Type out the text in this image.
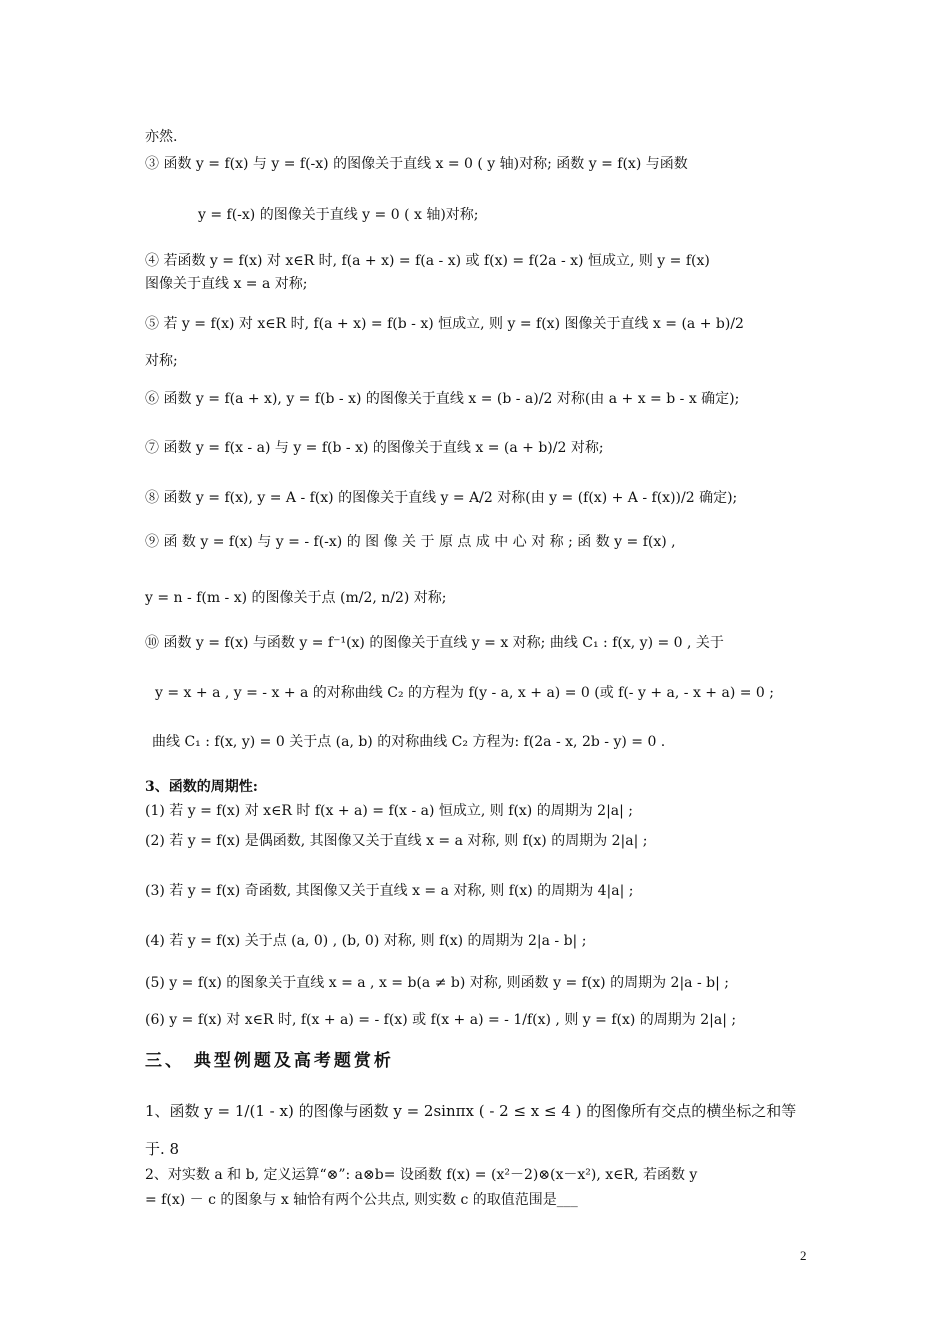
亦然.
③ 函数 y = f(x) 与 y = f(-x) 的图像关于直线 x = 0 ( y 轴)对称; 函数 y = f(x) 与函数
y = f(-x) 的图像关于直线 y = 0 ( x 轴)对称;
④ 若函数 y = f(x) 对 x∈R 时, f(a + x) = f(a - x) 或 f(x) = f(2a - x) 恒成立, 则 y = f(x)
图像关于直线 x = a 对称;
⑤ 若 y = f(x) 对 x∈R 时, f(a + x) = f(b - x) 恒成立, 则 y = f(x) 图像关于直线 x = (a + b)/2
对称;
⑥ 函数 y = f(a + x), y = f(b - x) 的图像关于直线 x = (b - a)/2 对称(由 a + x = b - x 确定);
⑦ 函数 y = f(x - a) 与 y = f(b - x) 的图像关于直线 x = (a + b)/2 对称;
⑧ 函数 y = f(x), y = A - f(x) 的图像关于直线 y = A/2 对称(由 y = (f(x) + A - f(x))/2 确定);
⑨ 函 数 y = f(x) 与 y = - f(-x) 的 图 像 关 于 原 点 成 中 心 对 称 ; 函 数 y = f(x) ,
y = n - f(m - x) 的图像关于点 (m/2, n/2) 对称;
⑩ 函数 y = f(x) 与函数 y = f⁻¹(x) 的图像关于直线 y = x 对称; 曲线 C₁ : f(x, y) = 0 , 关于
y = x + a , y = - x + a 的对称曲线 C₂ 的方程为 f(y - a, x + a) = 0 (或 f(- y + a, - x + a) = 0 ;
曲线 C₁ : f(x, y) = 0 关于点 (a, b) 的对称曲线 C₂ 方程为: f(2a - x, 2b - y) = 0 .
3、函数的周期性:
(1) 若 y = f(x) 对 x∈R 时 f(x + a) = f(x - a) 恒成立, 则 f(x) 的周期为 2|a| ;
(2) 若 y = f(x) 是偶函数, 其图像又关于直线 x = a 对称, 则 f(x) 的周期为 2|a| ;
(3) 若 y = f(x) 奇函数, 其图像又关于直线 x = a 对称, 则 f(x) 的周期为 4|a| ;
(4) 若 y = f(x) 关于点 (a, 0) , (b, 0) 对称, 则 f(x) 的周期为 2|a - b| ;
(5) y = f(x) 的图象关于直线 x = a , x = b(a ≠ b) 对称, 则函数 y = f(x) 的周期为 2|a - b| ;
(6) y = f(x) 对 x∈R 时, f(x + a) = - f(x) 或 f(x + a) = - 1/f(x) , 则 y = f(x) 的周期为 2|a| ;
三、 典型例题及高考题赏析
1、函数 y = 1/(1 - x) 的图像与函数 y = 2sinπx ( - 2 ≤ x ≤ 4 ) 的图像所有交点的横坐标之和等
于. 8
2、对实数 a 和 b, 定义运算“⊗”: a⊗b= 设函数 f(x) = (x²－2)⊗(x－x²), x∈R, 若函数 y
= f(x) － c 的图象与 x 轴恰有两个公共点, 则实数 c 的取值范围是___
2
